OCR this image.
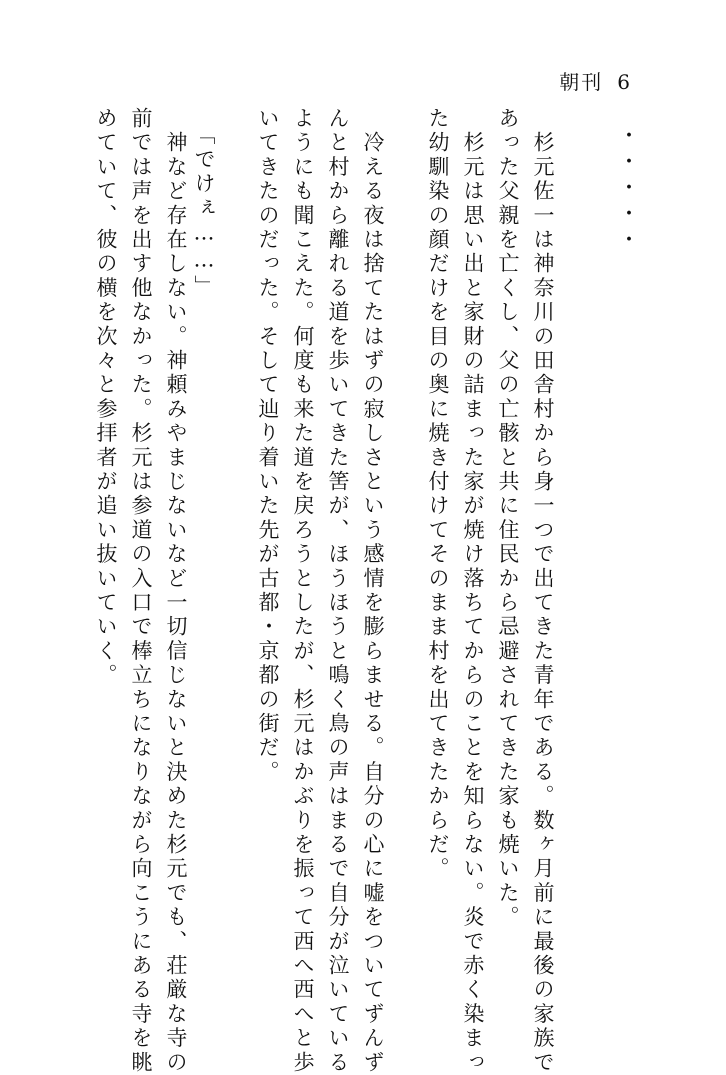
朝刊 6
・・・・・
　杉元佐一は神奈川の田舎村から身一つで出てきた青年である。数ヶ月前に最後の家族で
あった父親を亡くし、父の亡骸と共に住民から忌避されてきた家も焼いた。
　杉元は思い出と家財の詰まった家が焼け落ちてからのことを知らない。炎で赤く染まっ
た幼馴染の顔だけを目の奥に焼き付けてそのまま村を出てきたからだ。
　冷える夜は捨てたはずの寂しさという感情を膨らませる。自分の心に嘘をついてずんず
んと村から離れる道を歩いてきた筈が、ほうほうと鳴く鳥の声はまるで自分が泣いている
ようにも聞こえた。何度も来た道を戻ろうとしたが、杉元はかぶりを振って西へ西へと歩
いてきたのだった。そして辿り着いた先が古都・京都の街だ。
　「でけぇ……」
　神など存在しない。神頼みやまじないなど一切信じないと決めた杉元でも、荘厳な寺の
前では声を出す他なかった。杉元は参道の入口で棒立ちになりながら向こうにある寺を眺
めていて、彼の横を次々と参拝者が追い抜いていく。
